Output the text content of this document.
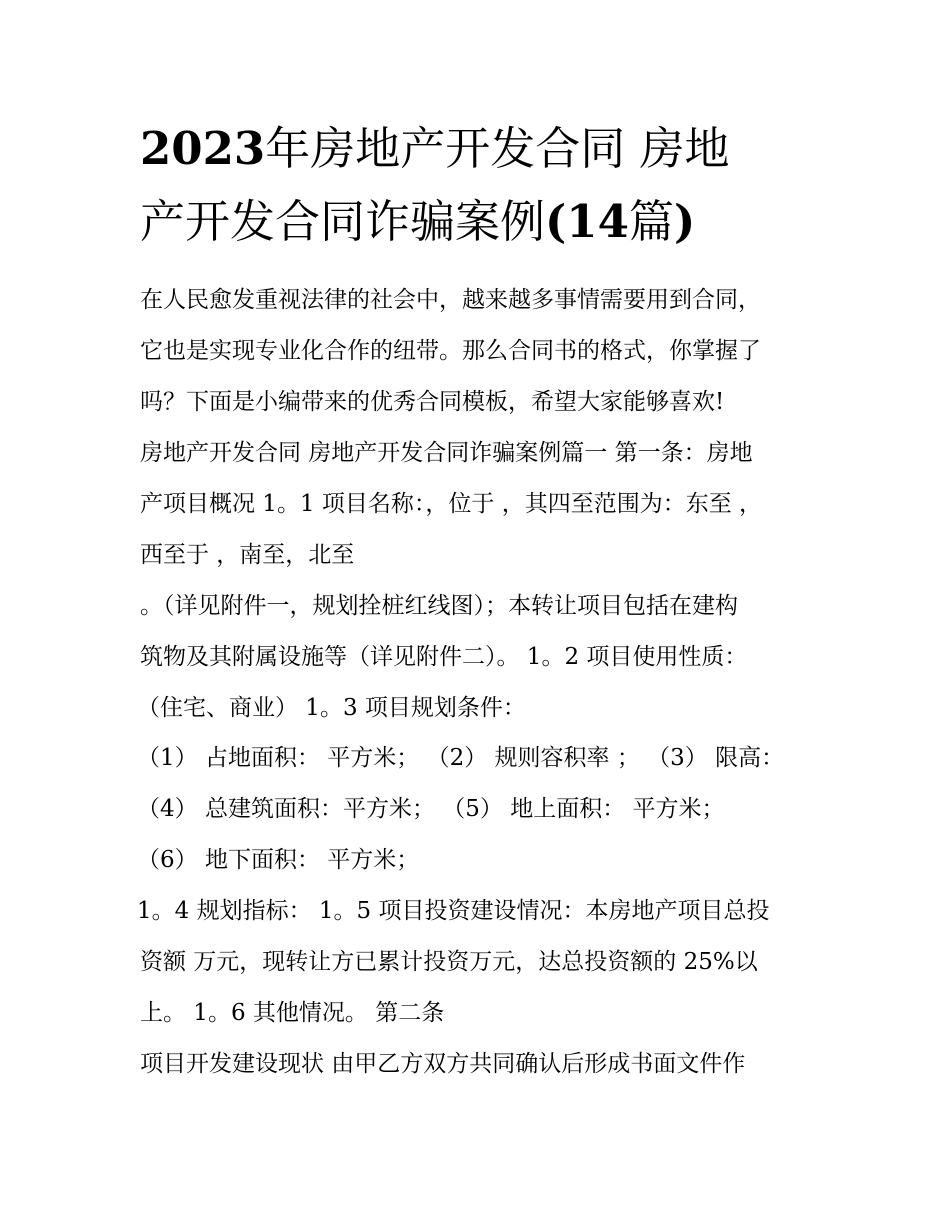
2023年房地产开发合同 房地
产开发合同诈骗案例(14篇)

在人民愈发重视法律的社会中，越来越多事情需要用到合同，

它也是实现专业化合作的纽带。那么合同书的格式，你掌握了

吗？下面是小编带来的优秀合同模板，希望大家能够喜欢!

房地产开发合同 房地产开发合同诈骗案例篇一 第一条：房地

产项目概况 1。1 项目名称：，位于 ，其四至范围为：东至 ，

西至于 ，南至，北至

。（详见附件一，规划拴桩红线图）；本转让项目包括在建构

筑物及其附属设施等（详见附件二）。 1。2 项目使用性质：

（住宅、商业） 1。3 项目规划条件：

（1） 占地面积： 平方米； （2） 规则容积率 ； （3） 限高：

（4） 总建筑面积：平方米； （5） 地上面积： 平方米；

（6） 地下面积： 平方米；

1。4 规划指标： 1。5 项目投资建设情况：本房地产项目总投

资额 万元，现转让方已累计投资万元，达总投资额的 25%以

上。 1。6 其他情况。 第二条

项目开发建设现状 由甲乙方双方共同确认后形成书面文件作
